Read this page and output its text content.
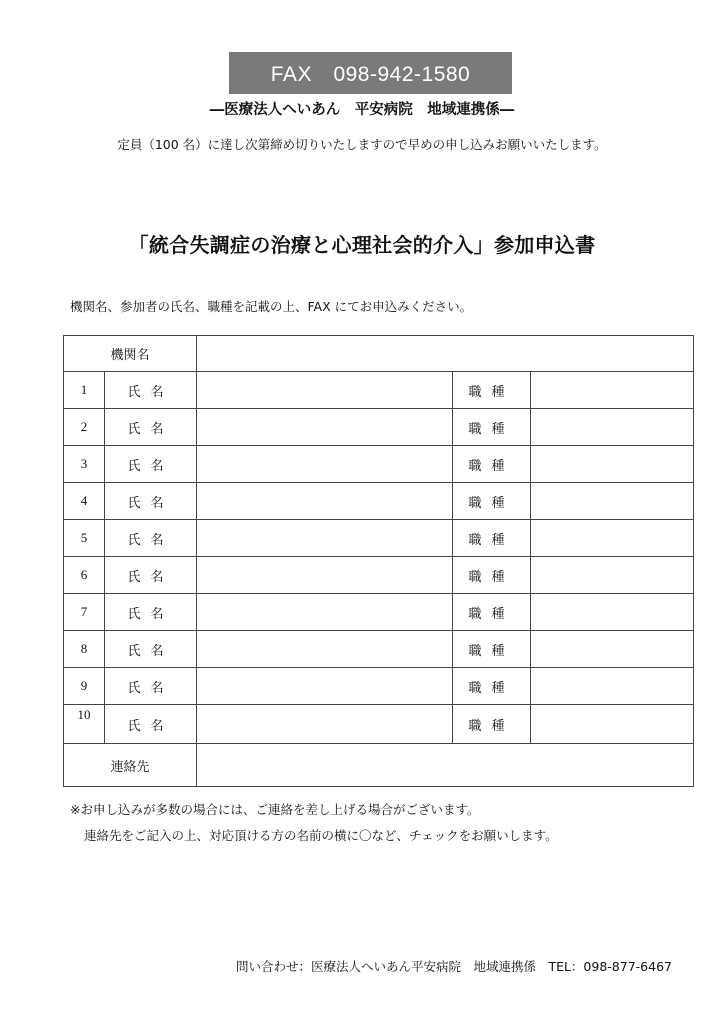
FAX　098-942-1580
―医療法人へいあん　平安病院　地域連携係―
定員（100 名）に達し次第締め切りいたしますので早めの申し込みお願いいたします。
「統合失調症の治療と心理社会的介入」参加申込書
機関名、参加者の氏名、職種を記載の上、FAX にてお申込みください。
機関名				
1	氏名		職種	
2	氏名		職種	
3	氏名		職種	
4	氏名		職種	
5	氏名		職種	
6	氏名		職種	
7	氏名		職種	
8	氏名		職種	
9	氏名		職種	
10	氏名		職種	
連絡先				
※お申し込みが多数の場合には、ご連絡を差し上げる場合がございます。
連絡先をご記入の上、対応頂ける方の名前の横に〇など、チェックをお願いします。
問い合わせ：医療法人へいあん平安病院　地域連携係　TEL：098-877-6467
